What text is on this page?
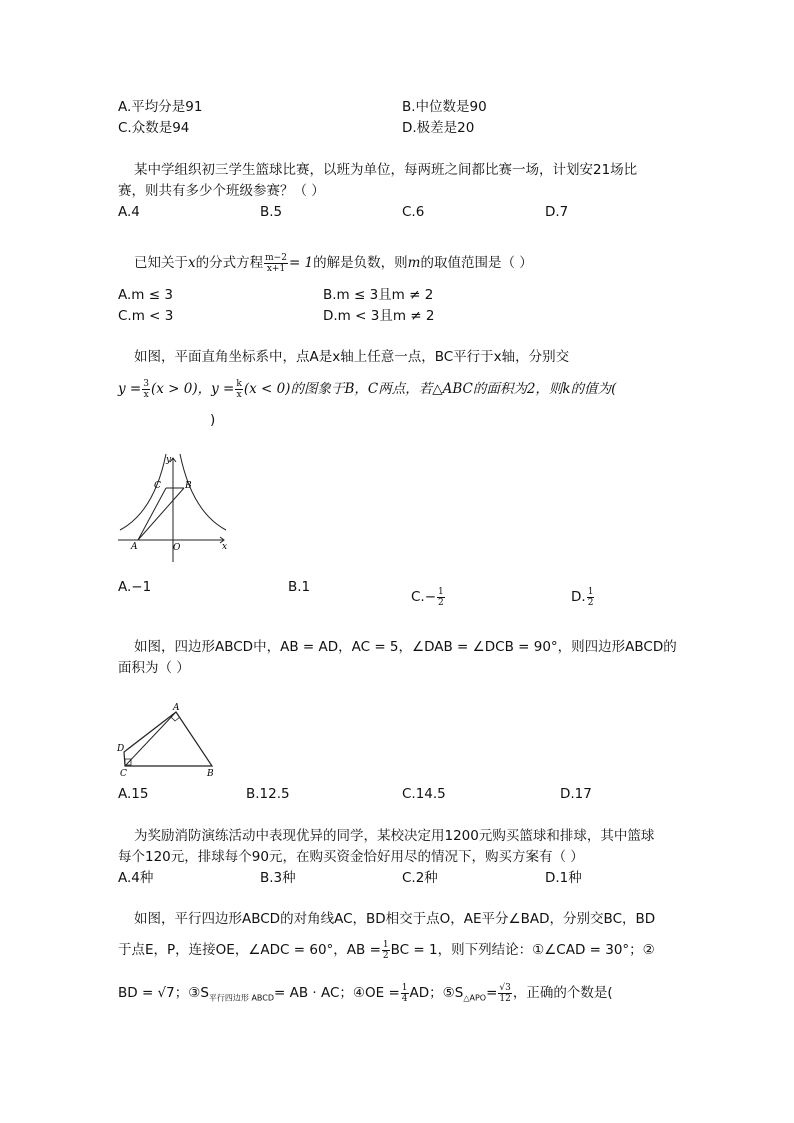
A.平均分是91	B.中位数是90
C.众数是94	D.极差是20
某中学组织初三学生篮球比赛，以班为单位，每两班之间都比赛一场，计划安21场比
赛，则共有多少个班级参赛？（ ）
A.4	B.5	C.6	D.7
已知关于x的分式方程 $\frac{m-2}{x+1} = 1$的解是负数，则m的取值范围是（ ）
A.m ≤ 3	B.m ≤ 3且m ≠ 2
C.m < 3	D.m < 3且m ≠ 2
如图，平面直角坐标系中，点A是x轴上任意一点，BC平行于x轴，分别交
$y = \frac{3}{x} (x > 0)$，$y = \frac{k}{x} (x < 0)$的图象于B，C两点，若△ABC的面积为2，则k的值为(
)
y
x
O
A
B
C
A.−1	B.1
$C.- \frac{1}{2}$	D. $\frac{1}{2}$
如图，四边形ABCD中，AB = AD，AC = 5，∠DAB = ∠DCB = 90°，则四边形ABCD的
面积为（ ）
A
B
C
D
A.15	B.12.5	C.14.5	D.17
为奖励消防演练活动中表现优异的同学，某校决定用1200元购买篮球和排球，其中篮球
每个120元，排球每个90元，在购买资金恰好用尽的情况下，购买方案有（ ）
A.4种	B.3种	C.2种	D.1种
如图，平行四边形ABCD的对角线AC，BD相交于点O，AE平分∠BAD，分别交BC，BD
于点E，P，连接OE，∠ADC = 60°，AB = $\frac{1}{2}$ BC = 1，则下列结论：①∠CAD = 30°；②
BD = √7；$③S_{平行四边形 ABCD}=$ AB · AC；④OE = $\frac{1}{4}$ AD；$⑤S_{\triangle APO}= \frac{√3}{12}$ ，正确的个数是(
